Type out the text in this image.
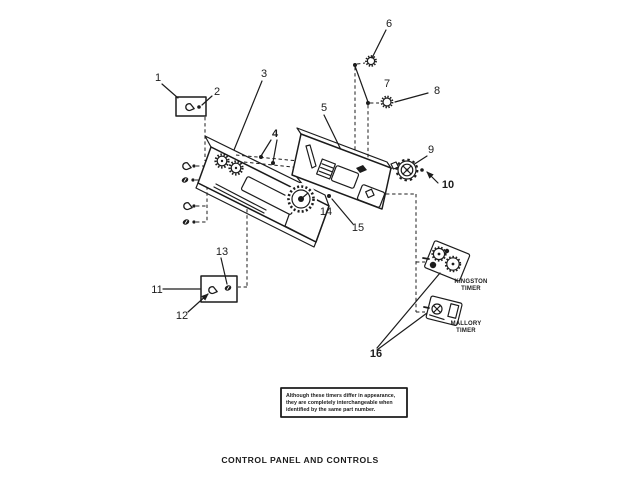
KINGSTON
TIMER
MALLORY
TIMER
Although these timers differ in appearance,
they are completely interchangeable when
identified by the same part number.
CONTROL PANEL AND CONTROLS
1
2
3
4
5
6
7
8
9
10
11
12
13
14
15
16
